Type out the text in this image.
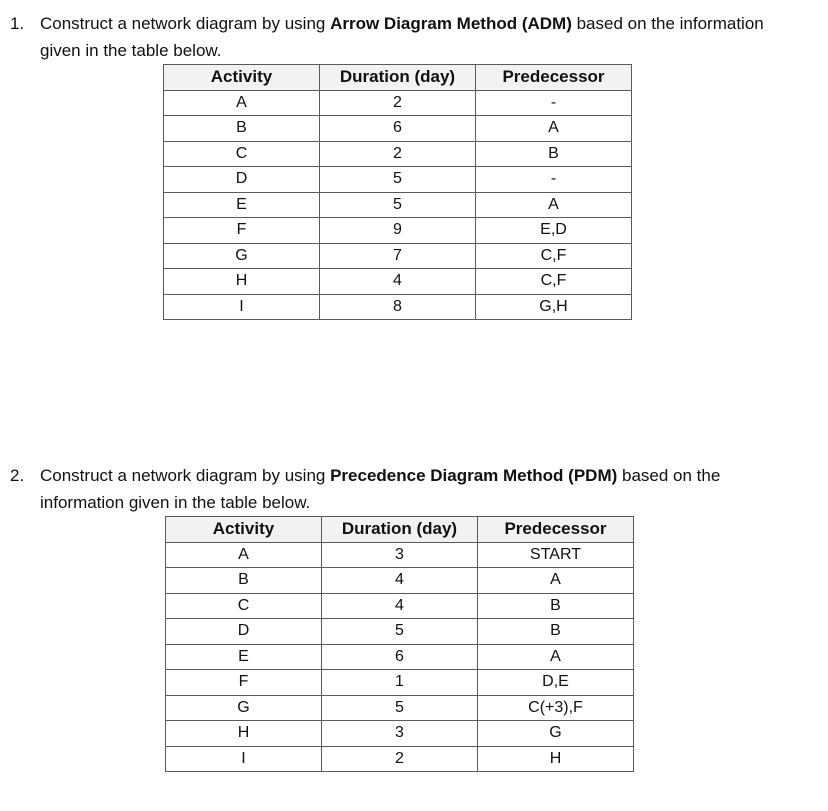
1. Construct a network diagram by using Arrow Diagram Method (ADM) based on the information
given in the table below.
Activity	Duration (day)	Predecessor
A	2	-
B	6	A
C	2	B
D	5	-
E	5	A
F	9	E,D
G	7	C,F
H	4	C,F
I	8	G,H
2. Construct a network diagram by using Precedence Diagram Method (PDM) based on the
information given in the table below.
Activity	Duration (day)	Predecessor
A	3	START
B	4	A
C	4	B
D	5	B
E	6	A
F	1	D,E
G	5	C(+3),F
H	3	G
I	2	H
